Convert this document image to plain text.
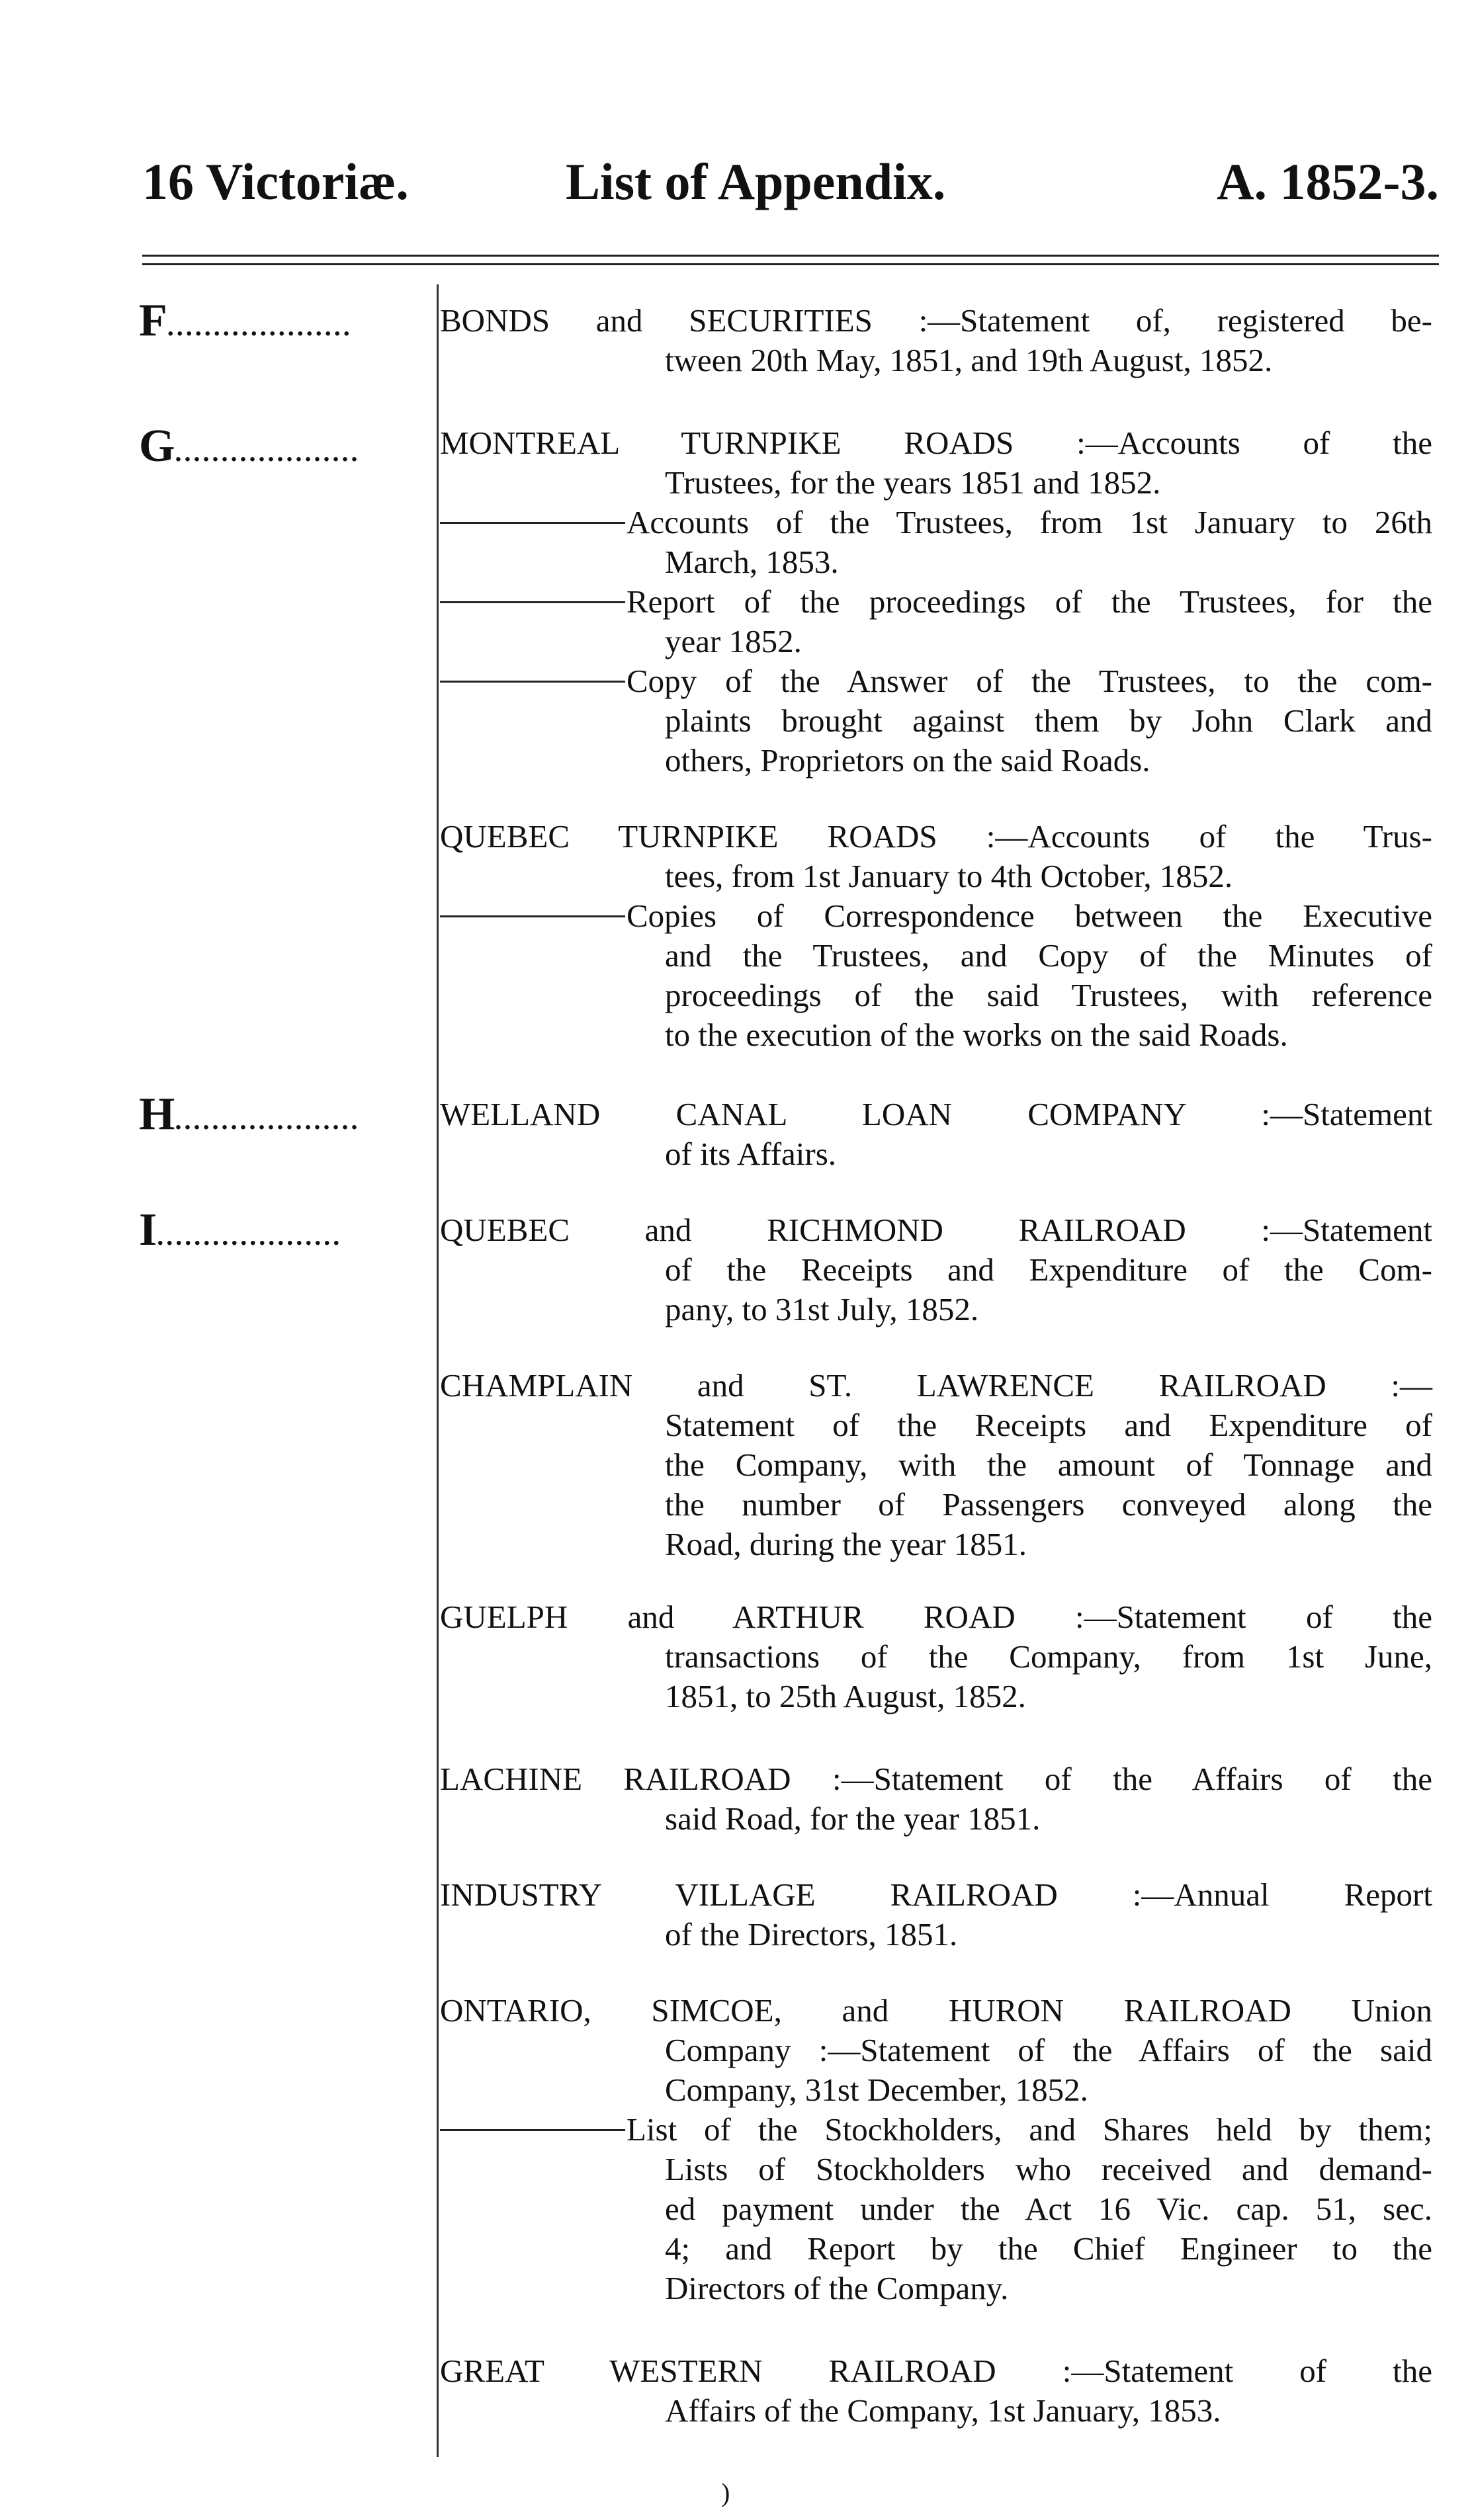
16 Victoriæ.	List of Appendix.	A. 1852-3.
F....................	BONDS and SECURITIES :—Statement of, registered be-
tween 20th May, 1851, and 19th August, 1852.
G....................	MONTREAL TURNPIKE ROADS :—Accounts of the
Trustees, for the years 1851 and 1852.
Accounts of the Trustees, from 1st January to 26th
March, 1853.
Report of the proceedings of the Trustees, for the
year 1852.
Copy of the Answer of the Trustees, to the com-
plaints brought against them by John Clark and
others, Proprietors on the said Roads.
QUEBEC TURNPIKE ROADS :—Accounts of the Trus-
tees, from 1st January to 4th October, 1852.
Copies of Correspondence between the Executive
and the Trustees, and Copy of the Minutes of
proceedings of the said Trustees, with reference
to the execution of the works on the said Roads.
H....................	WELLAND CANAL LOAN COMPANY :—Statement
of its Affairs.
I....................	QUEBEC and RICHMOND RAILROAD :—Statement
of the Receipts and Expenditure of the Com-
pany, to 31st July, 1852.
CHAMPLAIN and ST. LAWRENCE RAILROAD :—
Statement of the Receipts and Expenditure of
the Company, with the amount of Tonnage and
the number of Passengers conveyed along the
Road, during the year 1851.
GUELPH and ARTHUR ROAD :—Statement of the
transactions of the Company, from 1st June,
1851, to 25th August, 1852.
LACHINE RAILROAD :—Statement of the Affairs of the
said Road, for the year 1851.
INDUSTRY VILLAGE RAILROAD :—Annual Report
of the Directors, 1851.
ONTARIO, SIMCOE, and HURON RAILROAD Union
Company :—Statement of the Affairs of the said
Company, 31st December, 1852.
List of the Stockholders, and Shares held by them;
Lists of Stockholders who received and demand-
ed payment under the Act 16 Vic. cap. 51, sec.
4; and Report by the Chief Engineer to the
Directors of the Company.
GREAT WESTERN RAILROAD :—Statement of the
Affairs of the Company, 1st January, 1853.
)
